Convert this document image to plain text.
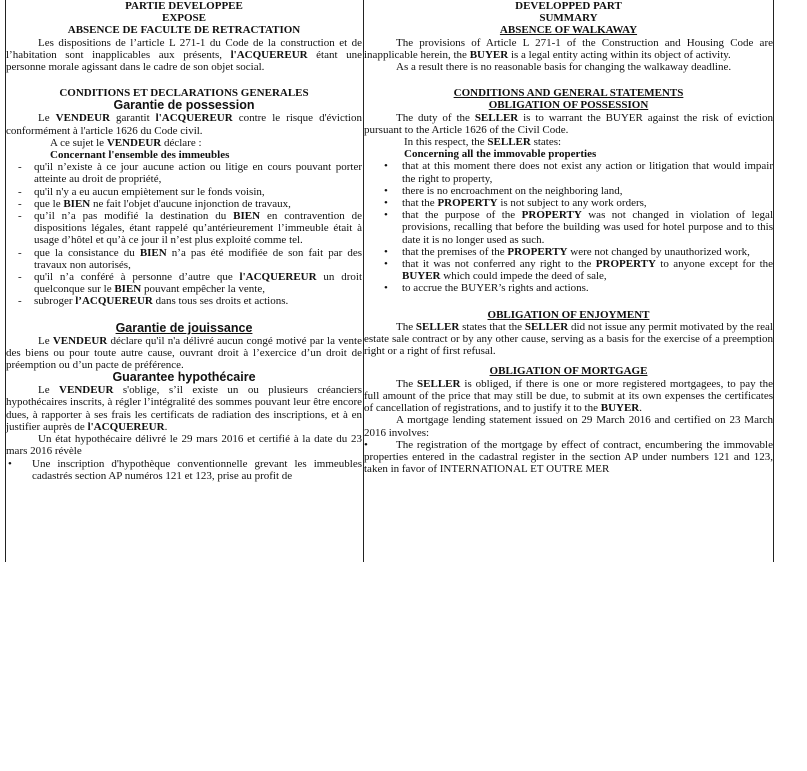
PARTIE DEVELOPPEE
EXPOSE
ABSENCE DE FACULTE DE RETRACTATION

Les dispositions de l’article L 271-1 du Code de la construction et de l’habitation sont inapplicables aux présents, l'ACQUEREUR étant une personne morale agissant dans le cadre de son objet social.

CONDITIONS ET DECLARATIONS GENERALES
Garantie de possession

Le VENDEUR garantit l'ACQUEREUR contre le risque d'éviction conformément à l'article 1626 du Code civil.

A ce sujet le VENDEUR déclare :

Concernant l'ensemble des immeubles

- qu'il n’existe à ce jour aucune action ou litige en cours pouvant porter atteinte au droit de propriété,
- qu'il n'y a eu aucun empiètement sur le fonds voisin,
- que le BIEN ne fait l'objet d'aucune injonction de travaux,
- qu’il n’a pas modifié la destination du BIEN en contravention de dispositions légales, étant rappelé qu’antérieurement l’immeuble était à usage d’hôtel et qu’à ce jour il n’est plus exploité comme tel.
- que la consistance du BIEN n’a pas été modifiée de son fait par des travaux non autorisés,
- qu'il n’a conféré à personne d’autre que l'ACQUEREUR un droit quelconque sur le BIEN pouvant empêcher la vente,
- subroger l’ACQUEREUR dans tous ses droits et actions.
Garantie de jouissance

Le VENDEUR déclare qu'il n'a délivré aucun congé motivé par la vente des biens ou pour toute autre cause, ouvrant droit à l’exercice d’un droit de préemption ou d’un pacte de préférence.

Guarantee hypothécaire

Le VENDEUR s'oblige, s’il existe un ou plusieurs créanciers hypothécaires inscrits, à régler l’intégralité des sommes pouvant leur être encore dues, à rapporter à ses frais les certificats de radiation des inscriptions, et à en justifier auprès de l'ACQUEREUR.

Un état hypothécaire délivré le 29 mars 2016 et certifié à la date du 23 mars 2016 révèle

• Une inscription d'hypothèque conventionnelle grevant les immeubles cadastrés section AP numéros 121 et 123, prise au profit de
DEVELOPPED PART
SUMMARY
ABSENCE OF WALKAWAY

The provisions of Article L 271-1 of the Construction and Housing Code are inapplicable herein, the BUYER is a legal entity acting within its object of activity.

As a result there is no reasonable basis for changing the walkaway deadline.

CONDITIONS AND GENERAL STATEMENTS
OBLIGATION OF POSSESSION

The duty of the SELLER is to warrant the BUYER against the risk of eviction pursuant to the Article 1626 of the Civil Code.

In this respect, the SELLER states:

Concerning all the immovable properties

• that at this moment there does not exist any action or litigation that would impair the right to property,
• there is no encroachment on the neighboring land,
• that the PROPERTY is not subject to any work orders,
• that the purpose of the PROPERTY was not changed in violation of legal provisions, recalling that before the building was used for hotel purpose and to this date it is no longer used as such.
• that the premises of the PROPERTY were not changed by unauthorized work,
• that it was not conferred any right to the PROPERTY to anyone except for the BUYER which could impede the deed of sale,
• to accrue the BUYER’s rights and actions.
OBLIGATION OF ENJOYMENT

The SELLER states that the SELLER did not issue any permit motivated by the real estate sale contract or by any other cause, serving as a basis for the exercise of a preemption right or a right of first refusal.

OBLIGATION OF MORTGAGE

The SELLER is obliged, if there is one or more registered mortgagees, to pay the full amount of the price that may still be due, to submit at its own expenses the certificates of cancellation of registrations, and to justify it to the BUYER.

A mortgage lending statement issued on 29 March 2016 and certified on 23 March 2016 involves:

•	The registration of the mortgage by effect of contract, encumbering the immovable properties entered in the cadastral register in the section AP under numbers 121 and 123, taken in favor of INTERNATIONAL ET OUTRE MER
